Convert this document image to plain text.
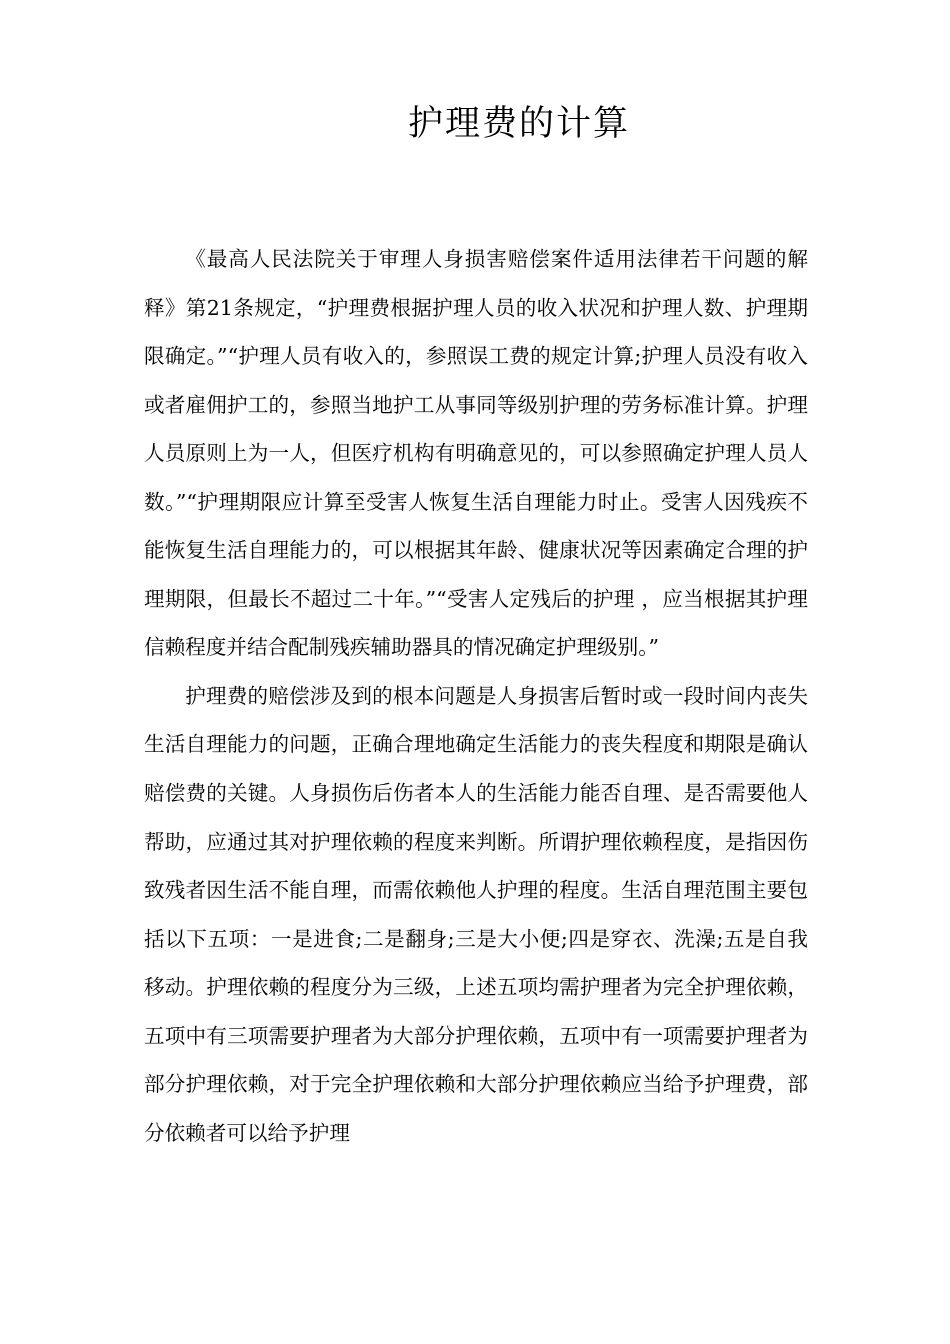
护理费的计算

《最高人民法院关于审理人身损害赔偿案件适用法律若干问题的解释》第21条规定，“护理费根据护理人员的收入状况和护理人数、护理期限确定。”“护理人员有收入的，参照误工费的规定计算;护理人员没有收入或者雇佣护工的，参照当地护工从事同等级别护理的劳务标准计算。护理人员原则上为一人，但医疗机构有明确意见的，可以参照确定护理人员人数。”“护理期限应计算至受害人恢复生活自理能力时止。受害人因残疾不能恢复生活自理能力的，可以根据其年龄、健康状况等因素确定合理的护理期限，但最长不超过二十年。”“受害人定残后的护理 ，应当根据其护理信赖程度并结合配制残疾辅助器具的情况确定护理级别。”

护理费的赔偿涉及到的根本问题是人身损害后暂时或一段时间内丧失生活自理能力的问题，正确合理地确定生活能力的丧失程度和期限是确认赔偿费的关键。人身损伤后伤者本人的生活能力能否自理、是否需要他人帮助，应通过其对护理依赖的程度来判断。所谓护理依赖程度，是指因伤致残者因生活不能自理，而需依赖他人护理的程度。生活自理范围主要包括以下五项：一是进食;二是翻身;三是大小便;四是穿衣、洗澡;五是自我移动。护理依赖的程度分为三级，上述五项均需护理者为完全护理依赖，五项中有三项需要护理者为大部分护理依赖，五项中有一项需要护理者为部分护理依赖，对于完全护理依赖和大部分护理依赖应当给予护理费，部分依赖者可以给予护理
